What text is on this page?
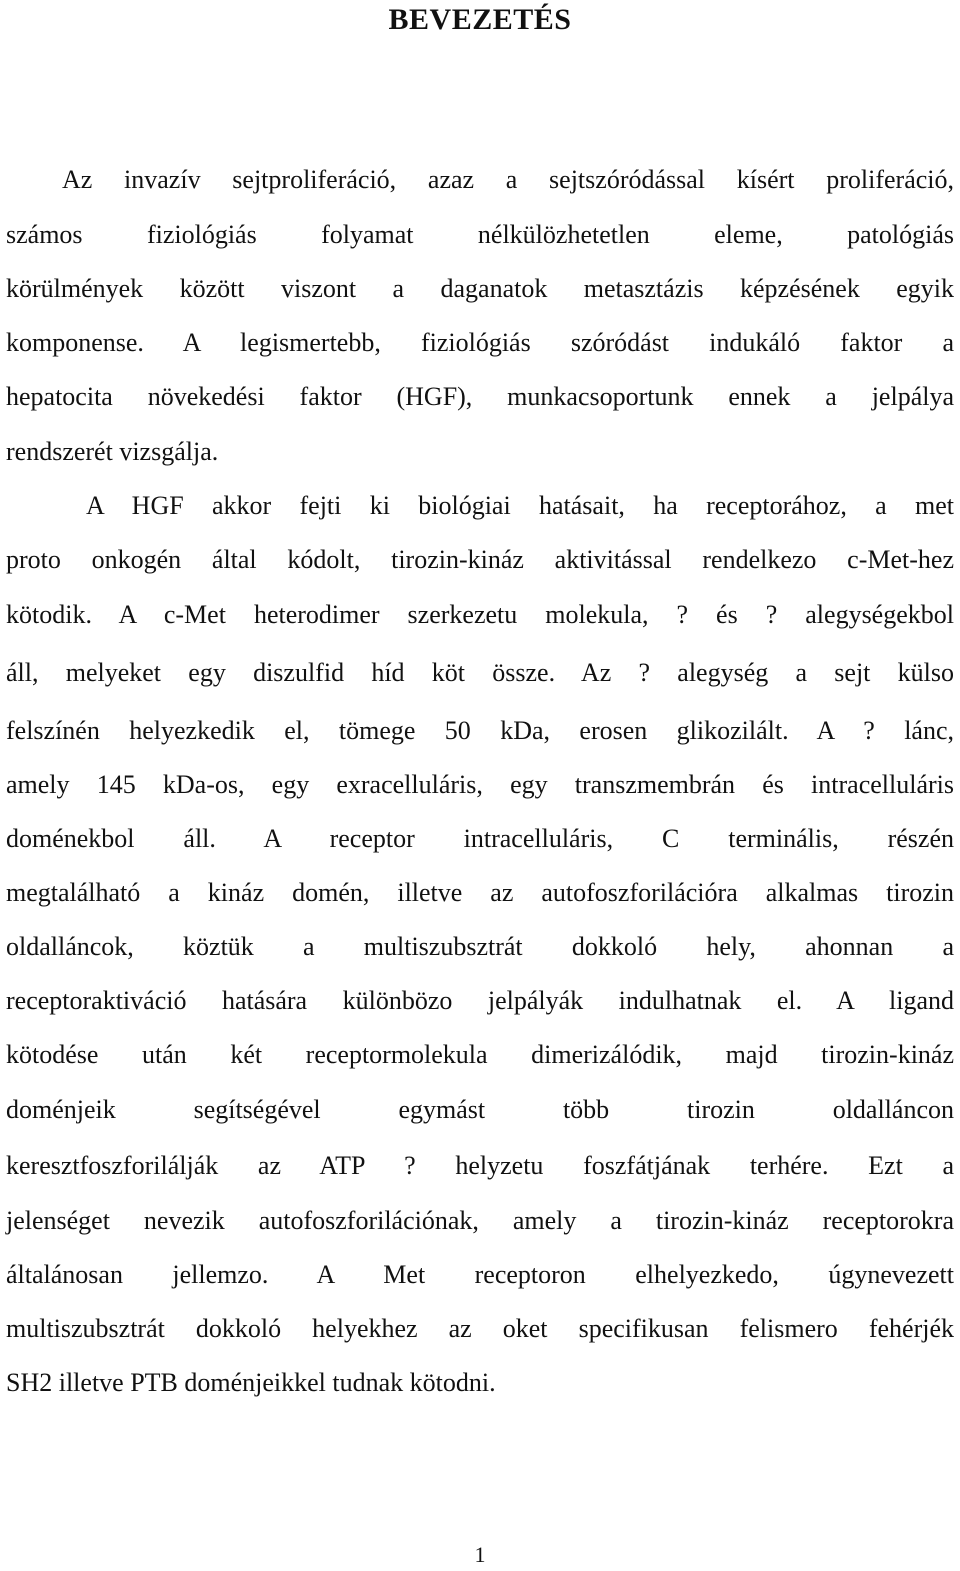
BEVEZETÉS
Az invazív sejtproliferáció, azaz a sejtszóródással kísért proliferáció,
számos fiziológiás folyamat nélkülözhetetlen eleme, patológiás
körülmények között viszont a daganatok metasztázis képzésének egyik
komponense. A legismertebb, fiziológiás szóródást indukáló faktor a
hepatocita növekedési faktor (HGF), munkacsoportunk ennek a jelpálya
rendszerét vizsgálja.
A HGF akkor fejti ki biológiai hatásait, ha receptorához, a met
proto onkogén által kódolt, tirozin-kináz aktivitással rendelkezo c-Met-hez
kötodik. A c-Met heterodimer szerkezetu molekula, ? és ? alegységekbol
áll, melyeket egy diszulfid híd köt össze. Az ? alegység a sejt külso
felszínén helyezkedik el, tömege 50 kDa, erosen glikozilált. A ? lánc,
amely 145 kDa-os, egy exracelluláris, egy transzmembrán és intracelluláris
doménekbol áll. A receptor intracelluláris, C terminális, részén
megtalálható a kináz domén, illetve az autofoszforilációra alkalmas tirozin
oldalláncok, köztük a multiszubsztrát dokkoló hely, ahonnan a
receptoraktiváció hatására különbözo jelpályák indulhatnak el. A ligand
kötodése után két receptormolekula dimerizálódik, majd tirozin-kináz
doménjeik segítségével egymást több tirozin oldalláncon
keresztfoszforilálják az ATP ? helyzetu foszfátjának terhére. Ezt a
jelenséget nevezik autofoszforilációnak, amely a tirozin-kináz receptorokra
általánosan jellemzo. A Met receptoron elhelyezkedo, úgynevezett
multiszubsztrát dokkoló helyekhez az oket specifikusan felismero fehérjék
SH2 illetve PTB doménjeikkel tudnak kötodni.
1
